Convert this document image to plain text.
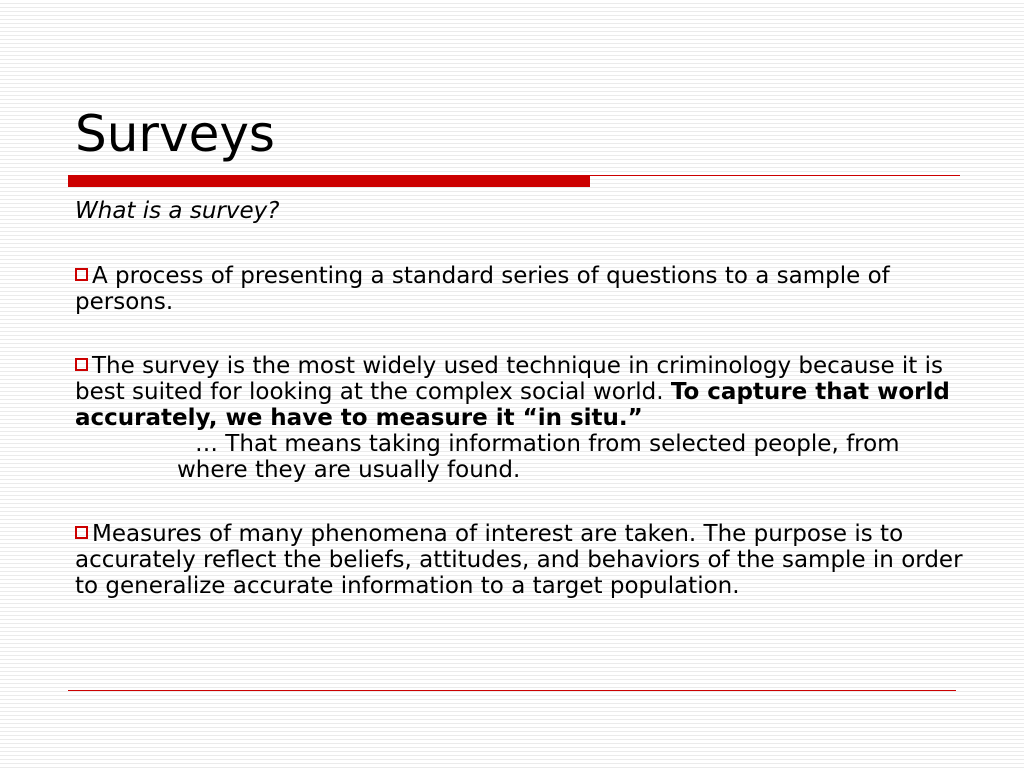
Surveys

What is a survey?

A process of presenting a standard series of questions to a sample of persons.

The survey is the most widely used technique in criminology because it is best suited for looking at the complex social world. To capture that world accurately, we have to measure it “in situ.”

… That means taking information from selected people, from where they are usually found.

Measures of many phenomena of interest are taken. The purpose is to accurately reflect the beliefs, attitudes, and behaviors of the sample in order to generalize accurate information to a target population.
